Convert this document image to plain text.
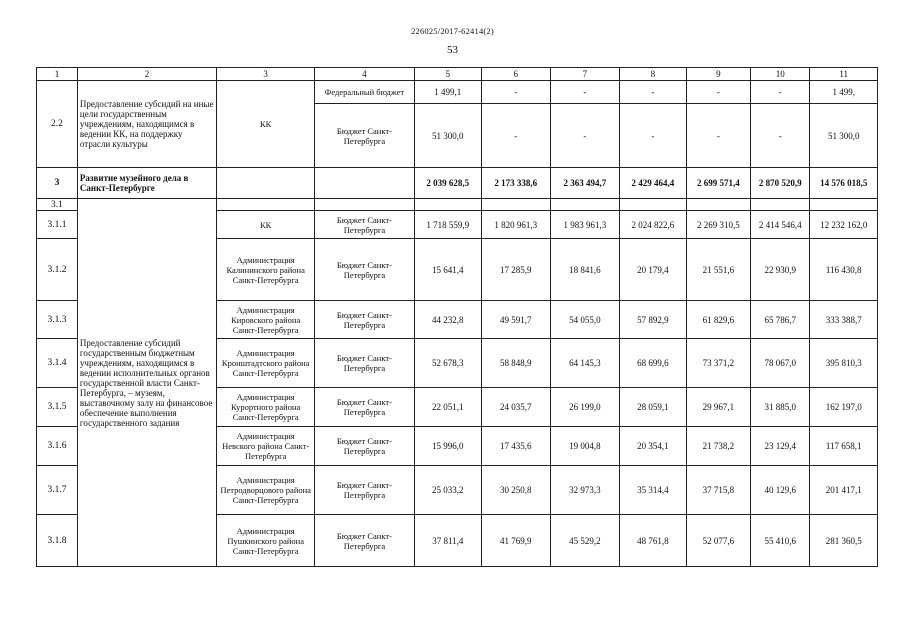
226025/2017-62414(2)
53
1	2	3	4	5	6	7	8	9	10	11
2.2	Предоставление субсидий на иные цели государственным учреждениям, находящимся в ведении КК, на поддержку отрасли культуры	КК	Федеральный бюджет	1 499,1	-	-	-	-	-	1 499,
			Бюджет Санкт-Петербурга	51 300,0	-	-	-	-	-	51 300,0
3	Развитие музейного дела в Санкт-Петербурге			2 039 628,5	2 173 338,6	2 363 494,7	2 429 464,4	2 699 571,4	2 870 520,9	14 576 018,5
3.1	Предоставление субсидий государственным бюджетным учреждениям, находящимся в ведении исполнительных органов государственной власти Санкт-Петербурга, – музеям, выставочному залу на финансовое обеспечение выполнения государственного задания									
3.1.1		КК	Бюджет Санкт-Петербурга	1 718 559,9	1 820 961,3	1 983 961,3	2 024 822,6	2 269 310,5	2 414 546,4	12 232 162,0
3.1.2		Администрация Калининского района Санкт-Петербурга	Бюджет Санкт-Петербурга	15 641,4	17 285,9	18 841,6	20 179,4	21 551,6	22 930,9	116 430,8
3.1.3		Администрация Кировского района Санкт-Петербурга	Бюджет Санкт-Петербурга	44 232,8	49 591,7	54 055,0	57 892,9	61 829,6	65 786,7	333 388,7
3.1.4		Администрация Кронштадтского района Санкт-Петербурга	Бюджет Санкт-Петербурга	52 678,3	58 848,9	64 145,3	68 699,6	73 371,2	78 067,0	395 810,3
3.1.5		Администрация Курортного района Санкт-Петербурга	Бюджет Санкт-Петербурга	22 051,1	24 035,7	26 199,0	28 059,1	29 967,1	31 885,0	162 197,0
3.1.6		Администрация Невского района Санкт-Петербурга	Бюджет Санкт-Петербурга	15 996,0	17 435,6	19 004,8	20 354,1	21 738,2	23 129,4	117 658,1
3.1.7		Администрация Петродворцового района Санкт-Петербурга	Бюджет Санкт-Петербурга	25 033,2	30 250,8	32 973,3	35 314,4	37 715,8	40 129,6	201 417,1
3.1.8		Администрация Пушкинского района Санкт-Петербурга	Бюджет Санкт-Петербурга	37 811,4	41 769,9	45 529,2	48 761,8	52 077,6	55 410,6	281 360,5
